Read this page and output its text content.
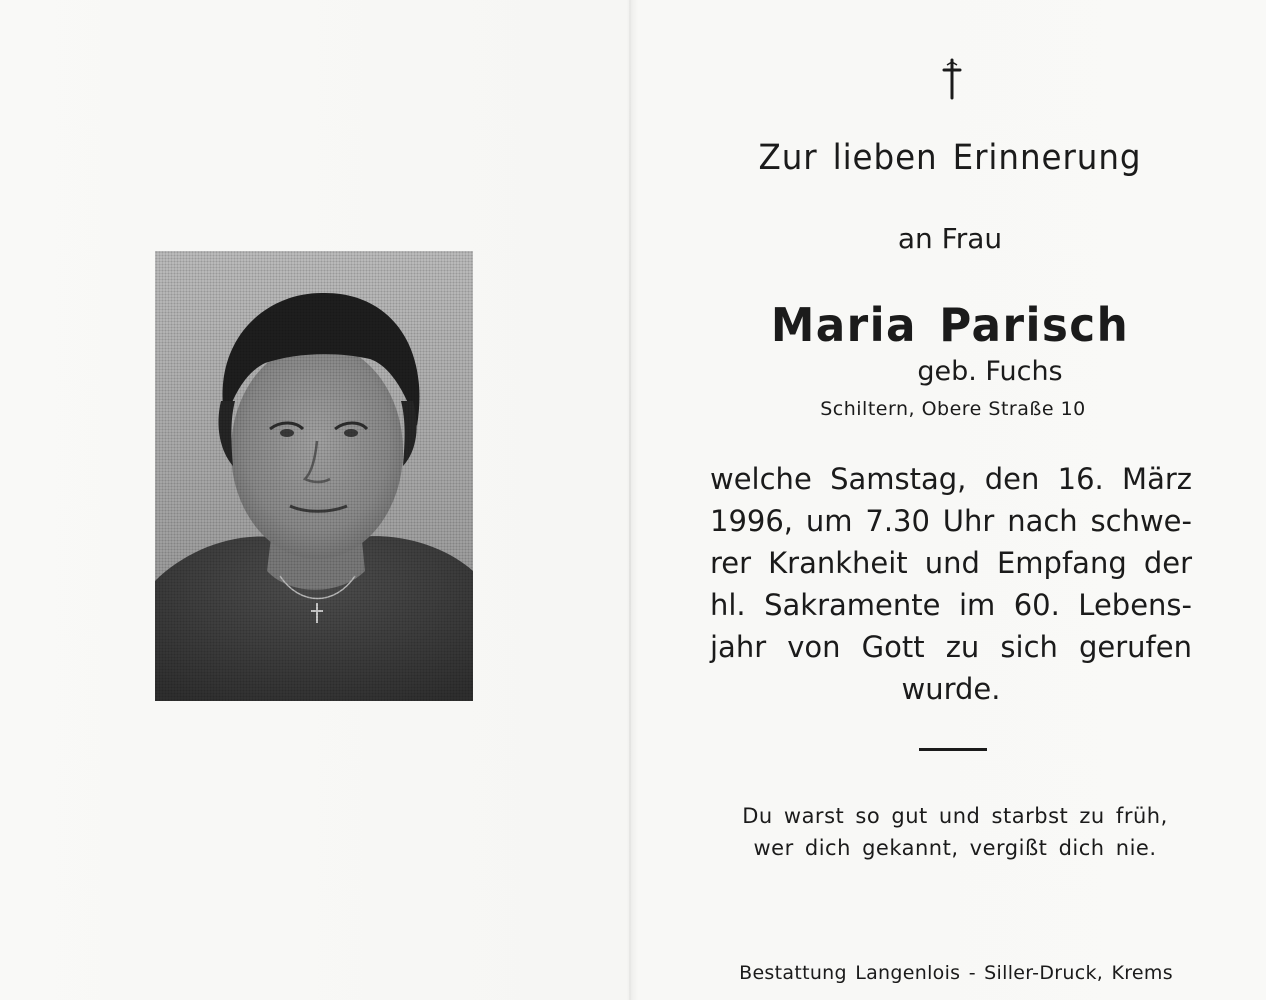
Zur lieben Erinnerung
an Frau
Maria Parisch
geb. Fuchs
Schiltern, Obere Straße 10
welche Samstag, den 16. März
1996, um 7.30 Uhr nach schwe-
rer Krankheit und Empfang der
hl. Sakramente im 60. Lebens-
jahr von Gott zu sich gerufen
wurde.
Du warst so gut und starbst zu früh,
wer dich gekannt, vergißt dich nie.
Bestattung Langenlois - Siller-Druck, Krems
